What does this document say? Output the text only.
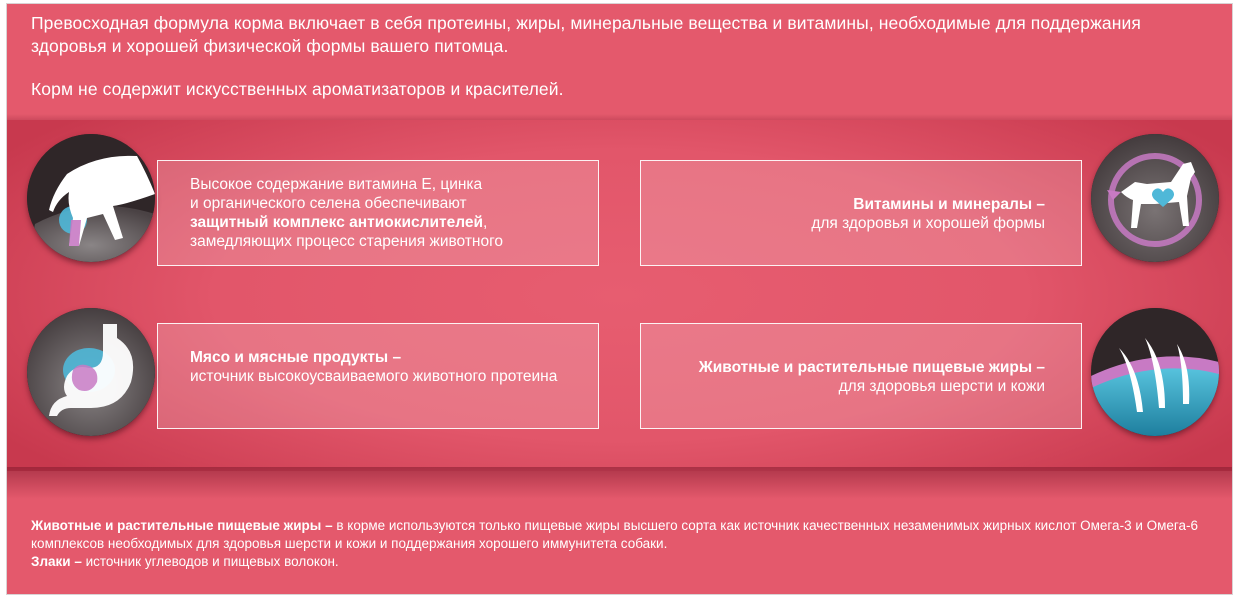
Превосходная формула корма включает в себя протеины, жиры, минеральные вещества и витамины, необходимые для поддержания здоровья и хорошей физической формы вашего питомца.

Корм не содержит искусственных ароматизаторов и красителей.

Высокое содержание витамина Е, цинка
и органического селена обеспечивают
защитный комплекс антиокислителей,
замедляющих процесс старения животного
Витамины и минералы –
для здоровья и хорошей формы
Мясо и мясные продукты –
источник высокоусваиваемого животного протеина
Животные и растительные пищевые жиры –
для здоровья шерсти и кожи

Животные и растительные пищевые жиры – в корме используются только пищевые жиры высшего сорта как источник качественных незаменимых жирных кислот Омега-3 и Омега-6 комплексов необходимых для здоровья шерсти и кожи и поддержания хорошего иммунитета собаки.

Злаки – источник углеводов и пищевых волокон.
